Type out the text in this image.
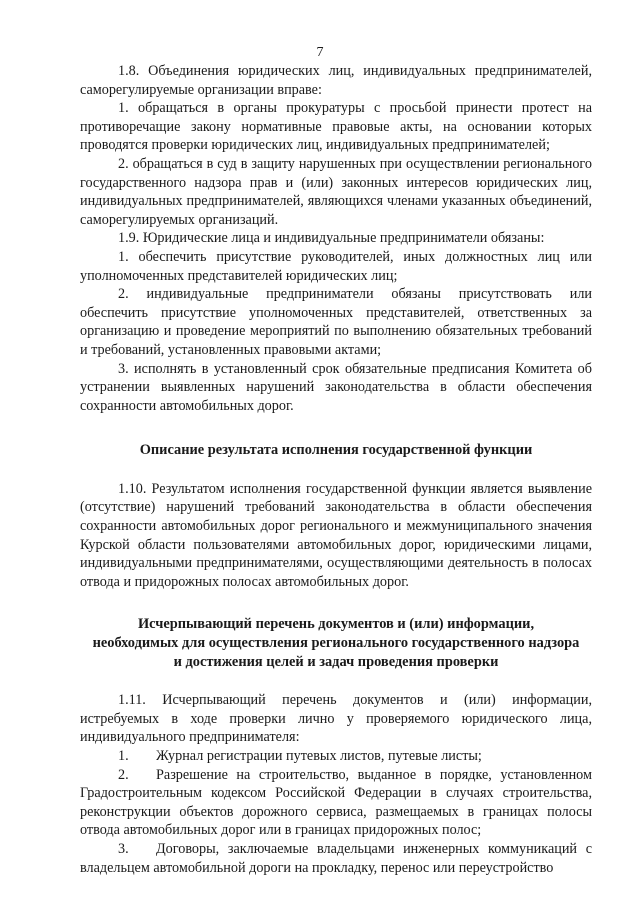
7

1.8. Объединения юридических лиц, индивидуальных предпринимателей, саморегулируемые организации вправе:

1. обращаться в органы прокуратуры с просьбой принести протест на противоречащие закону нормативные правовые акты, на основании которых проводятся проверки юридических лиц, индивидуальных предпринимателей;

2. обращаться в суд в защиту нарушенных при осуществлении регионального государственного надзора прав и (или) законных интересов юридических лиц, индивидуальных предпринимателей, являющихся членами указанных объединений, саморегулируемых организаций.

1.9. Юридические лица и индивидуальные предприниматели обязаны:

1. обеспечить присутствие руководителей, иных должностных лиц или уполномоченных представителей юридических лиц;

2. индивидуальные предприниматели обязаны присутствовать или обеспечить присутствие уполномоченных представителей, ответственных за организацию и проведение мероприятий по выполнению обязательных требований и требований, установленных правовыми актами;

3. исполнять в установленный срок обязательные предписания Комитета об устранении выявленных нарушений законодательства в области обеспечения сохранности автомобильных дорог.

Описание результата исполнения государственной функции

1.10. Результатом исполнения государственной функции является выявление (отсутствие) нарушений требований законодательства в области обеспечения сохранности автомобильных дорог регионального и межмуниципального значения Курской области пользователями автомобильных дорог, юридическими лицами, индивидуальными предпринимателями, осуществляющими деятельность в полосах отвода и придорожных полосах автомобильных дорог.

Исчерпывающий перечень документов и (или) информации,

необходимых для осуществления регионального государственного надзора

и достижения целей и задач проведения проверки

1.11. Исчерпывающий перечень документов и (или) информации, истребуемых в ходе проверки лично у проверяемого юридического лица, индивидуального предпринимателя:

1. Журнал регистрации путевых листов, путевые листы;

2. Разрешение на строительство, выданное в порядке, установленном Градостроительным кодексом Российской Федерации в случаях строительства, реконструкции объектов дорожного сервиса, размещаемых в границах полосы отвода автомобильных дорог или в границах придорожных полос;

3. Договоры, заключаемые владельцами инженерных коммуникаций с владельцем автомобильной дороги на прокладку, перенос или переустройство
